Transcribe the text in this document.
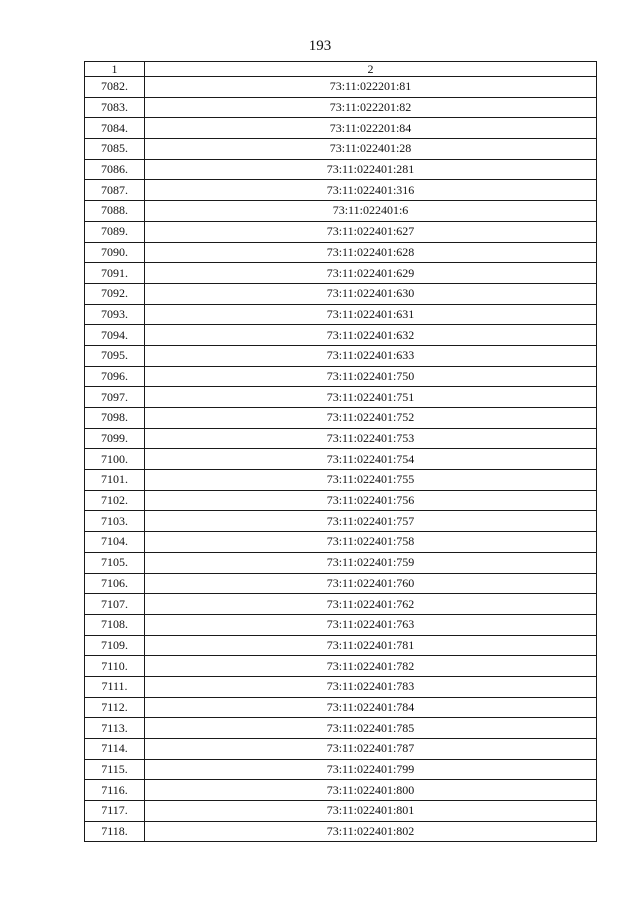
193
1	2
7082.	73:11:022201:81
7083.	73:11:022201:82
7084.	73:11:022201:84
7085.	73:11:022401:28
7086.	73:11:022401:281
7087.	73:11:022401:316
7088.	73:11:022401:6
7089.	73:11:022401:627
7090.	73:11:022401:628
7091.	73:11:022401:629
7092.	73:11:022401:630
7093.	73:11:022401:631
7094.	73:11:022401:632
7095.	73:11:022401:633
7096.	73:11:022401:750
7097.	73:11:022401:751
7098.	73:11:022401:752
7099.	73:11:022401:753
7100.	73:11:022401:754
7101.	73:11:022401:755
7102.	73:11:022401:756
7103.	73:11:022401:757
7104.	73:11:022401:758
7105.	73:11:022401:759
7106.	73:11:022401:760
7107.	73:11:022401:762
7108.	73:11:022401:763
7109.	73:11:022401:781
7110.	73:11:022401:782
7111.	73:11:022401:783
7112.	73:11:022401:784
7113.	73:11:022401:785
7114.	73:11:022401:787
7115.	73:11:022401:799
7116.	73:11:022401:800
7117.	73:11:022401:801
7118.	73:11:022401:802
